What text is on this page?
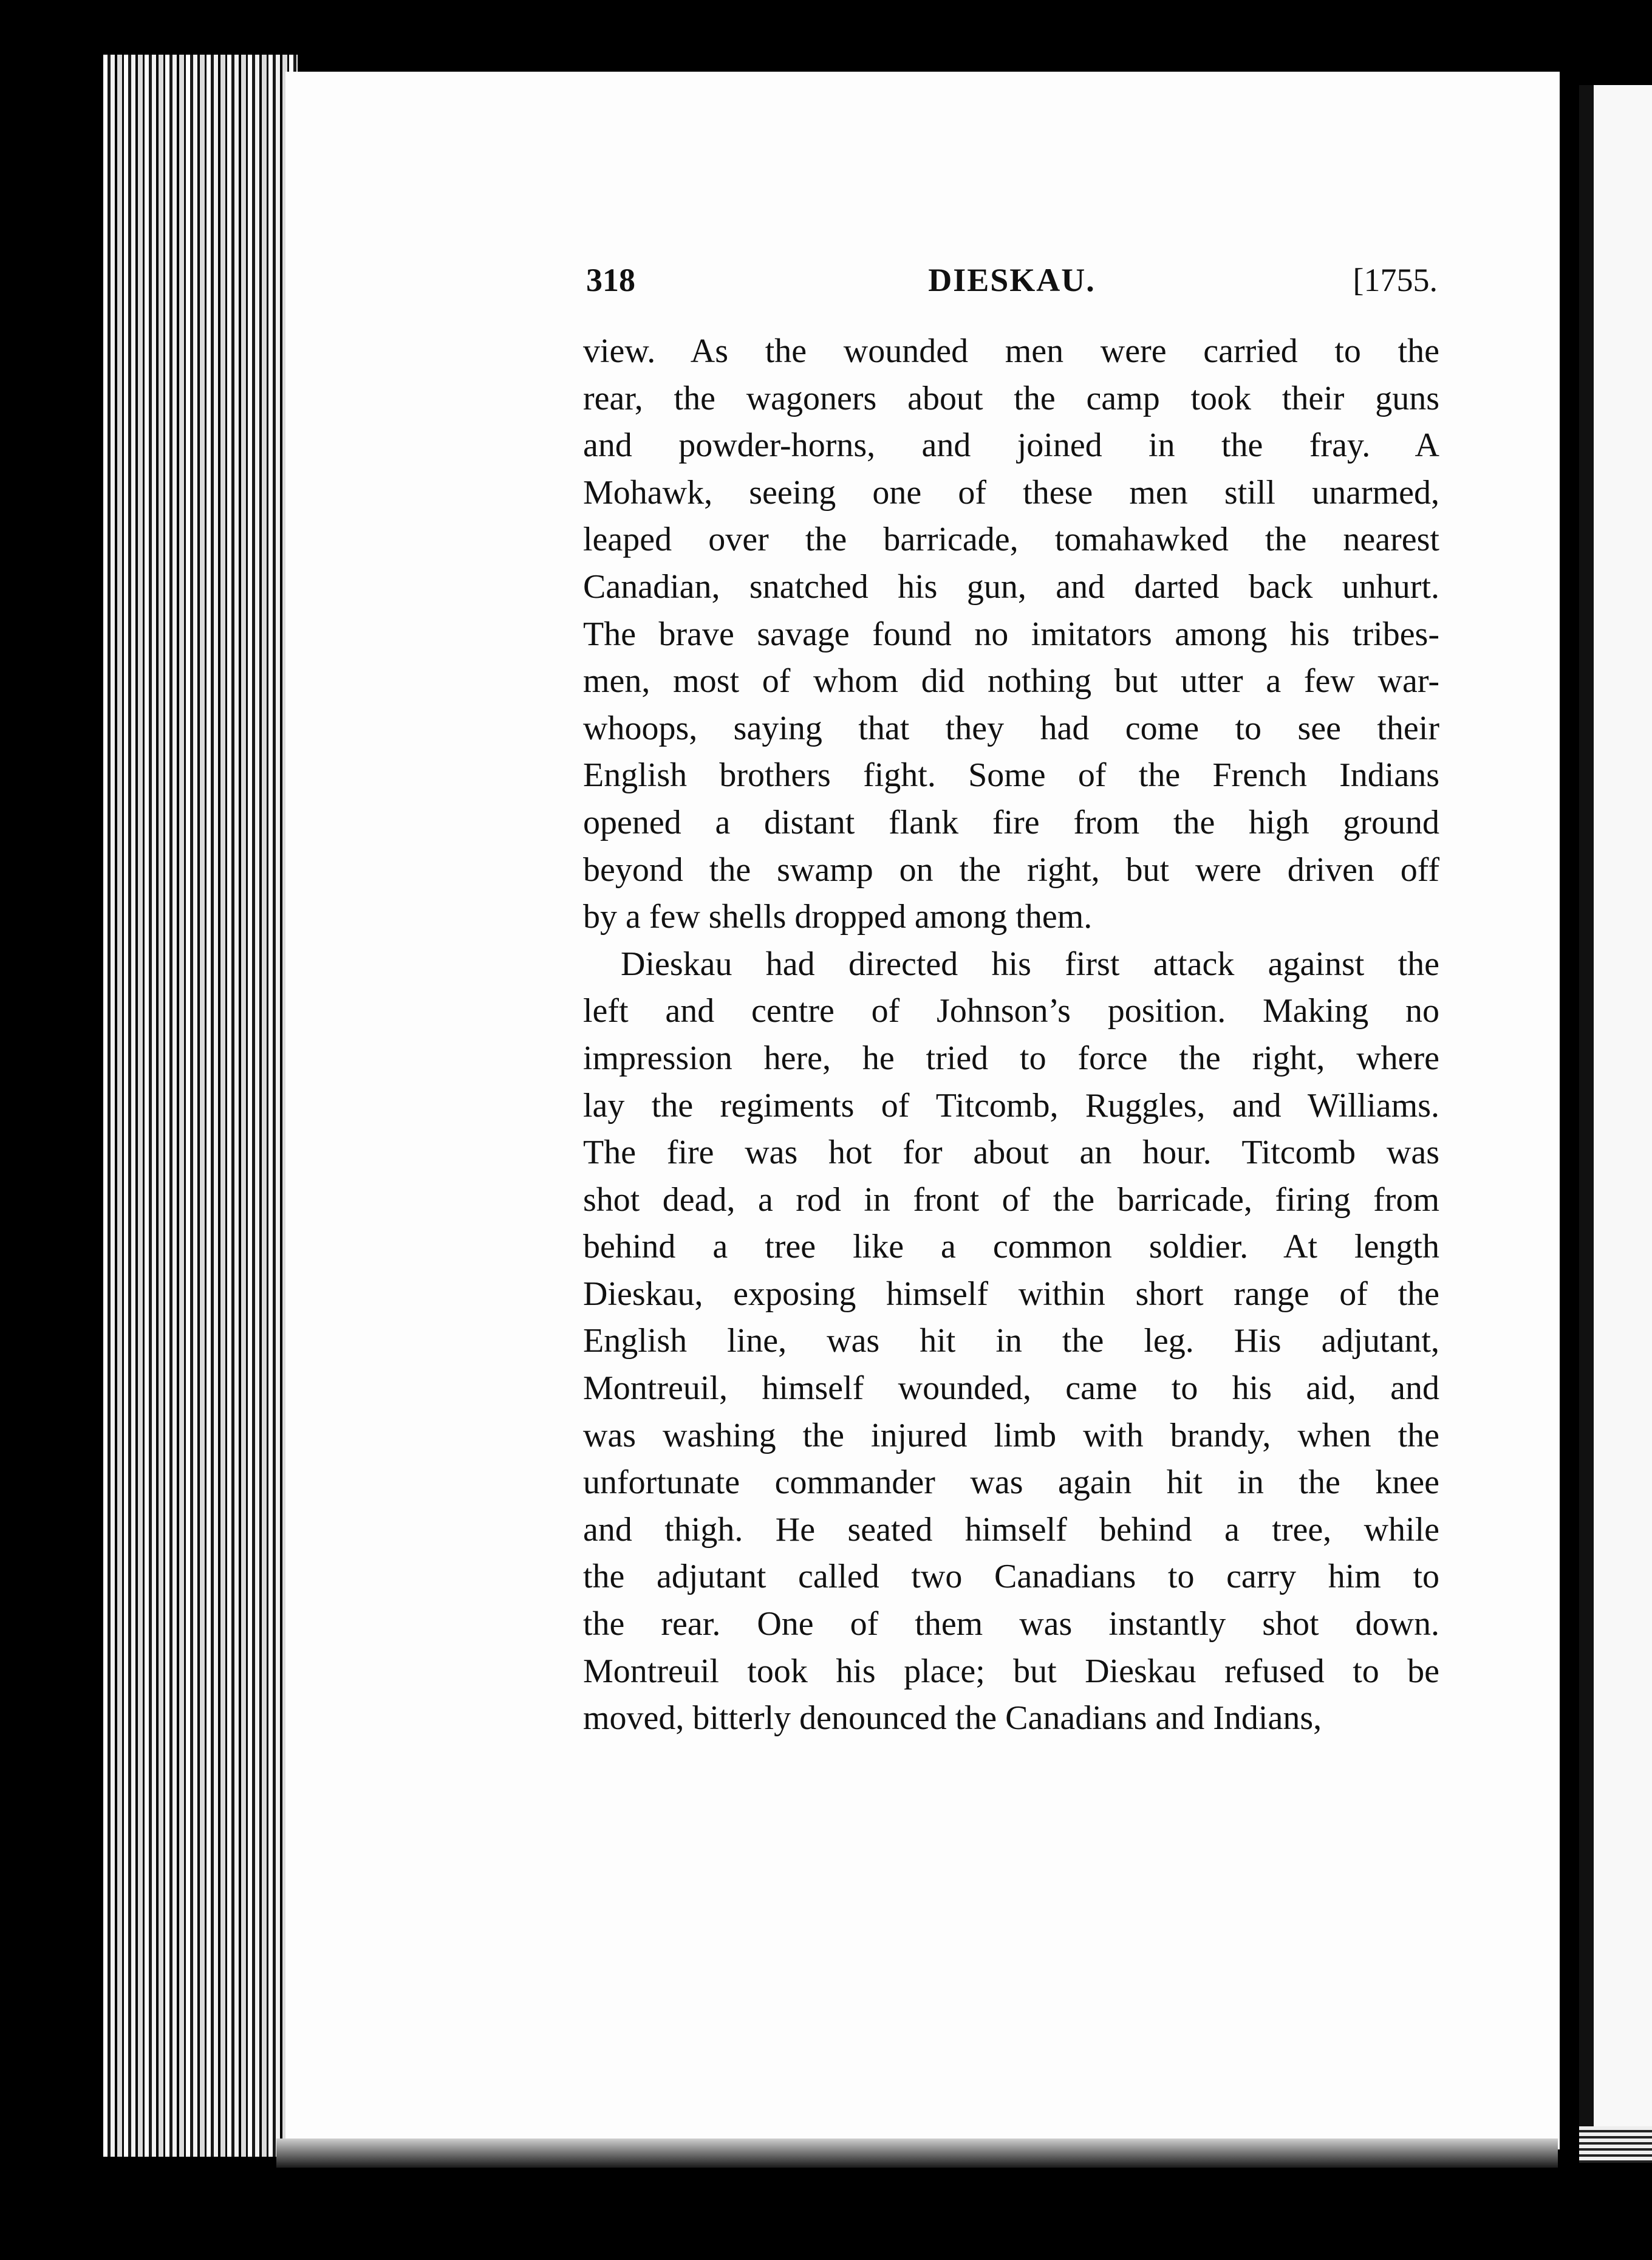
318	DIESKAU.	[1755.
view. As the wounded men were carried to the
rear, the wagoners about the camp took their guns
and powder-horns, and joined in the fray. A
Mohawk, seeing one of these men still unarmed,
leaped over the barricade, tomahawked the nearest
Canadian, snatched his gun, and darted back unhurt.
The brave savage found no imitators among his tribes-
men, most of whom did nothing but utter a few war-
whoops, saying that they had come to see their
English brothers fight. Some of the French Indians
opened a distant flank fire from the high ground
beyond the swamp on the right, but were driven off
by a few shells dropped among them.
Dieskau had directed his first attack against the
left and centre of Johnson’s position. Making no
impression here, he tried to force the right, where
lay the regiments of Titcomb, Ruggles, and Williams.
The fire was hot for about an hour. Titcomb was
shot dead, a rod in front of the barricade, firing from
behind a tree like a common soldier. At length
Dieskau, exposing himself within short range of the
English line, was hit in the leg. His adjutant,
Montreuil, himself wounded, came to his aid, and
was washing the injured limb with brandy, when the
unfortunate commander was again hit in the knee
and thigh. He seated himself behind a tree, while
the adjutant called two Canadians to carry him to
the rear. One of them was instantly shot down.
Montreuil took his place; but Dieskau refused to be
moved, bitterly denounced the Canadians and Indians,
